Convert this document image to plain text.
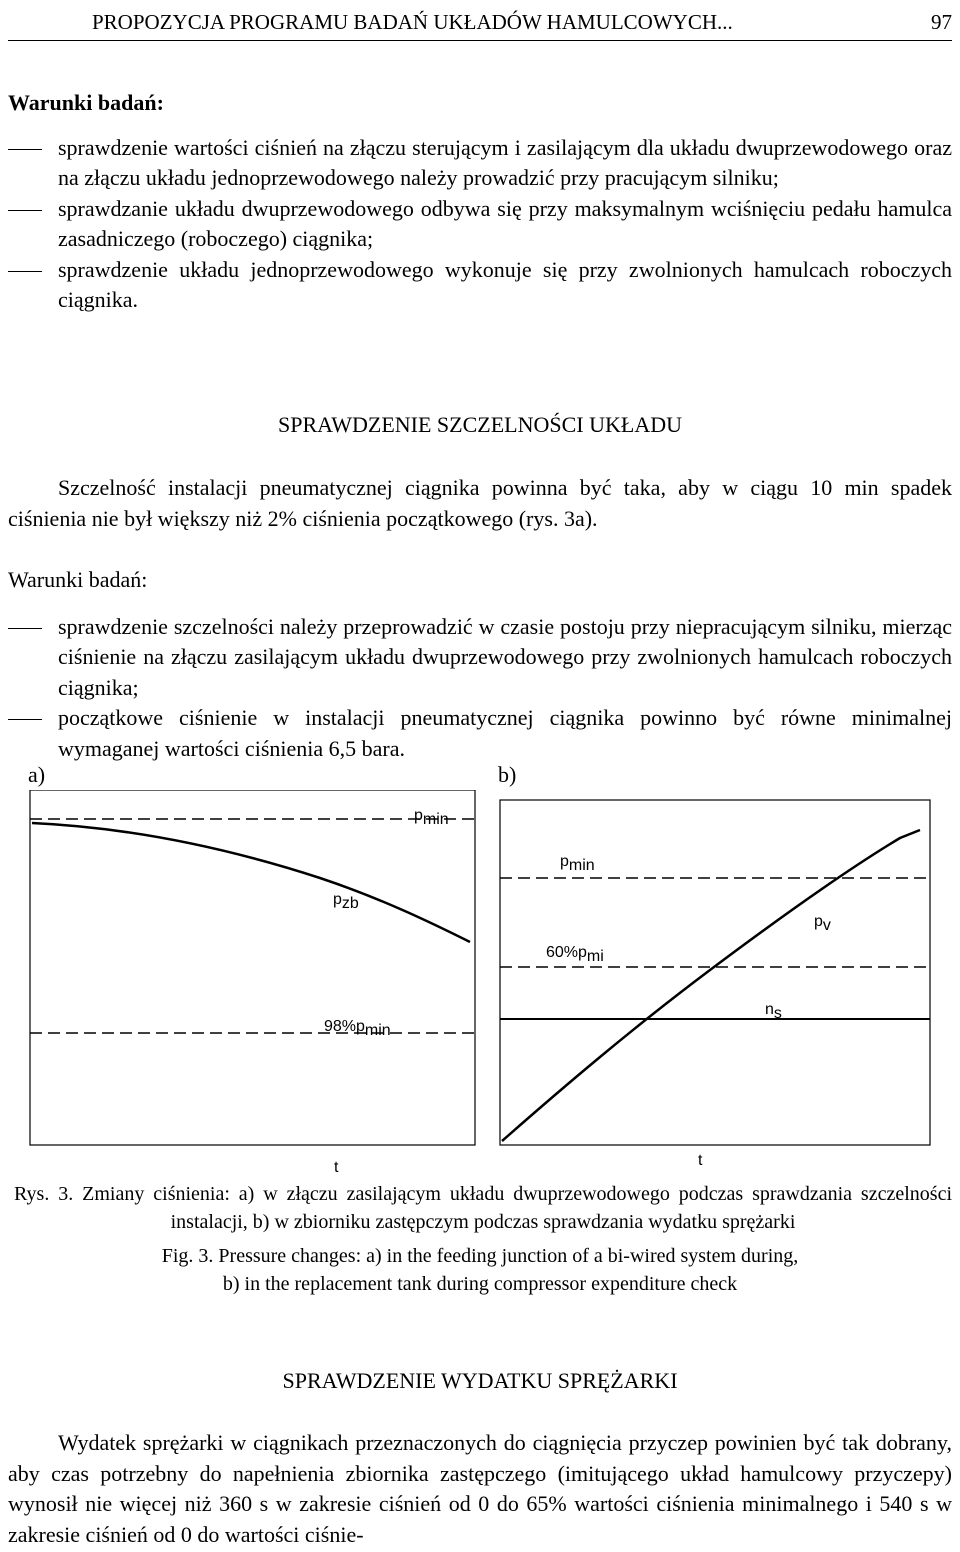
PROPOZYCJA PROGRAMU BADAŃ UKŁADÓW HAMULCOWYCH...	97
Warunki badań:
sprawdzenie wartości ciśnień na złączu sterującym i zasilającym dla układu dwuprzewodowego oraz na złączu układu jednoprzewodowego należy prowadzić przy pracującym silniku;
sprawdzanie układu dwuprzewodowego odbywa się przy maksymalnym wciśnięciu pedału hamulca zasadniczego (roboczego) ciągnika;
sprawdzenie układu jednoprzewodowego wykonuje się przy zwolnionych hamulcach roboczych ciągnika.
SPRAWDZENIE SZCZELNOŚCI UKŁADU
Szczelność instalacji pneumatycznej ciągnika powinna być taka, aby w ciągu 10 min spadek ciśnienia nie był większy niż 2% ciśnienia początkowego (rys. 3a).
Warunki badań:
sprawdzenie szczelności należy przeprowadzić w czasie postoju przy niepracującym silniku, mierząc ciśnienie na złączu zasilającym układu dwuprzewodowego przy zwolnionych hamulcach roboczych ciągnika;
początkowe ciśnienie w instalacji pneumatycznej ciągnika powinno być równe minimalnej wymaganej wartości ciśnienia 6,5 bara.
a)	b)
pmin
pzb
98%pmin
t
pmin
60%pmi
pv
ns
t
Rys. 3. Zmiany ciśnienia: a) w złączu zasilającym układu dwuprzewodowego podczas sprawdzania szczelności instalacji, b) w zbiorniku zastępczym podczas sprawdzania wydatku sprężarki
Fig. 3. Pressure changes: a) in the feeding junction of a bi-wired system during,
b) in the replacement tank during compressor expenditure check
SPRAWDZENIE WYDATKU SPRĘŻARKI
Wydatek sprężarki w ciągnikach przeznaczonych do ciągnięcia przyczep powinien być tak dobrany, aby czas potrzebny do napełnienia zbiornika zastępczego (imitującego układ hamulcowy przyczepy) wynosił nie więcej niż 360 s w zakresie ciśnień od 0 do 65% wartości ciśnienia minimalnego i 540 s w zakresie ciśnień od 0 do wartości ciśnie-
